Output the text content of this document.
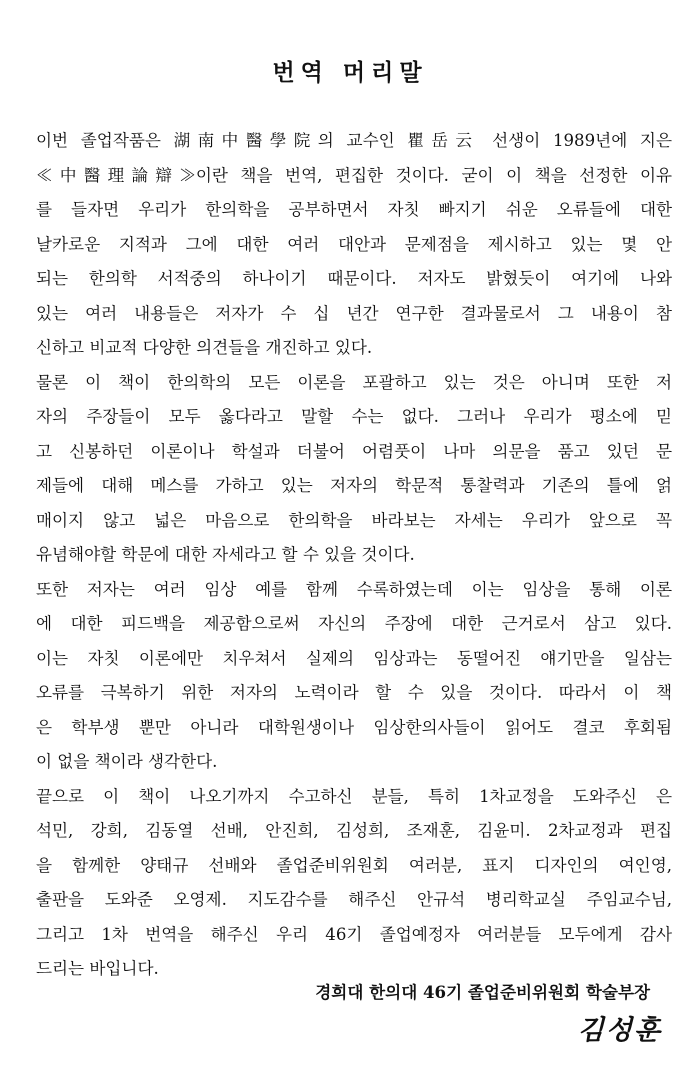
번역 머리말
이번 졸업작품은 湖南中醫學院의 교수인 瞿岳云 선생이 1989년에 지은
≪中醫理論辯≫이란 책을 번역, 편집한 것이다. 굳이 이 책을 선정한 이유
를 들자면 우리가 한의학을 공부하면서 자칫 빠지기 쉬운 오류들에 대한
날카로운 지적과 그에 대한 여러 대안과 문제점을 제시하고 있는 몇 안
되는 한의학 서적중의 하나이기 때문이다. 저자도 밝혔듯이 여기에 나와
있는 여러 내용들은 저자가 수 십 년간 연구한 결과물로서 그 내용이 참
신하고 비교적 다양한 의견들을 개진하고 있다.
물론 이 책이 한의학의 모든 이론을 포괄하고 있는 것은 아니며 또한 저
자의 주장들이 모두 옳다라고 말할 수는 없다. 그러나 우리가 평소에 믿
고 신봉하던 이론이나 학설과 더불어 어렴풋이 나마 의문을 품고 있던 문
제들에 대해 메스를 가하고 있는 저자의 학문적 통찰력과 기존의 틀에 얽
매이지 않고 넓은 마음으로 한의학을 바라보는 자세는 우리가 앞으로 꼭
유념해야할 학문에 대한 자세라고 할 수 있을 것이다.
또한 저자는 여러 임상 예를 함께 수록하였는데 이는 임상을 통해 이론
에 대한 피드백을 제공함으로써 자신의 주장에 대한 근거로서 삼고 있다.
이는 자칫 이론에만 치우쳐서 실제의 임상과는 동떨어진 얘기만을 일삼는
오류를 극복하기 위한 저자의 노력이라 할 수 있을 것이다. 따라서 이 책
은 학부생 뿐만 아니라 대학원생이나 임상한의사들이 읽어도 결코 후회됨
이 없을 책이라 생각한다.
끝으로 이 책이 나오기까지 수고하신 분들, 특히 1차교정을 도와주신 은
석민, 강희, 김동열 선배, 안진희, 김성희, 조재훈, 김윤미. 2차교정과 편집
을 함께한 양태규 선배와 졸업준비위원회 여러분, 표지 디자인의 여인영,
출판을 도와준 오영제. 지도감수를 해주신 안규석 병리학교실 주임교수님,
그리고 1차 번역을 해주신 우리 46기 졸업예정자 여러분들 모두에게 감사
드리는 바입니다.
경희대 한의대 46기 졸업준비위원회 학술부장
김성훈
